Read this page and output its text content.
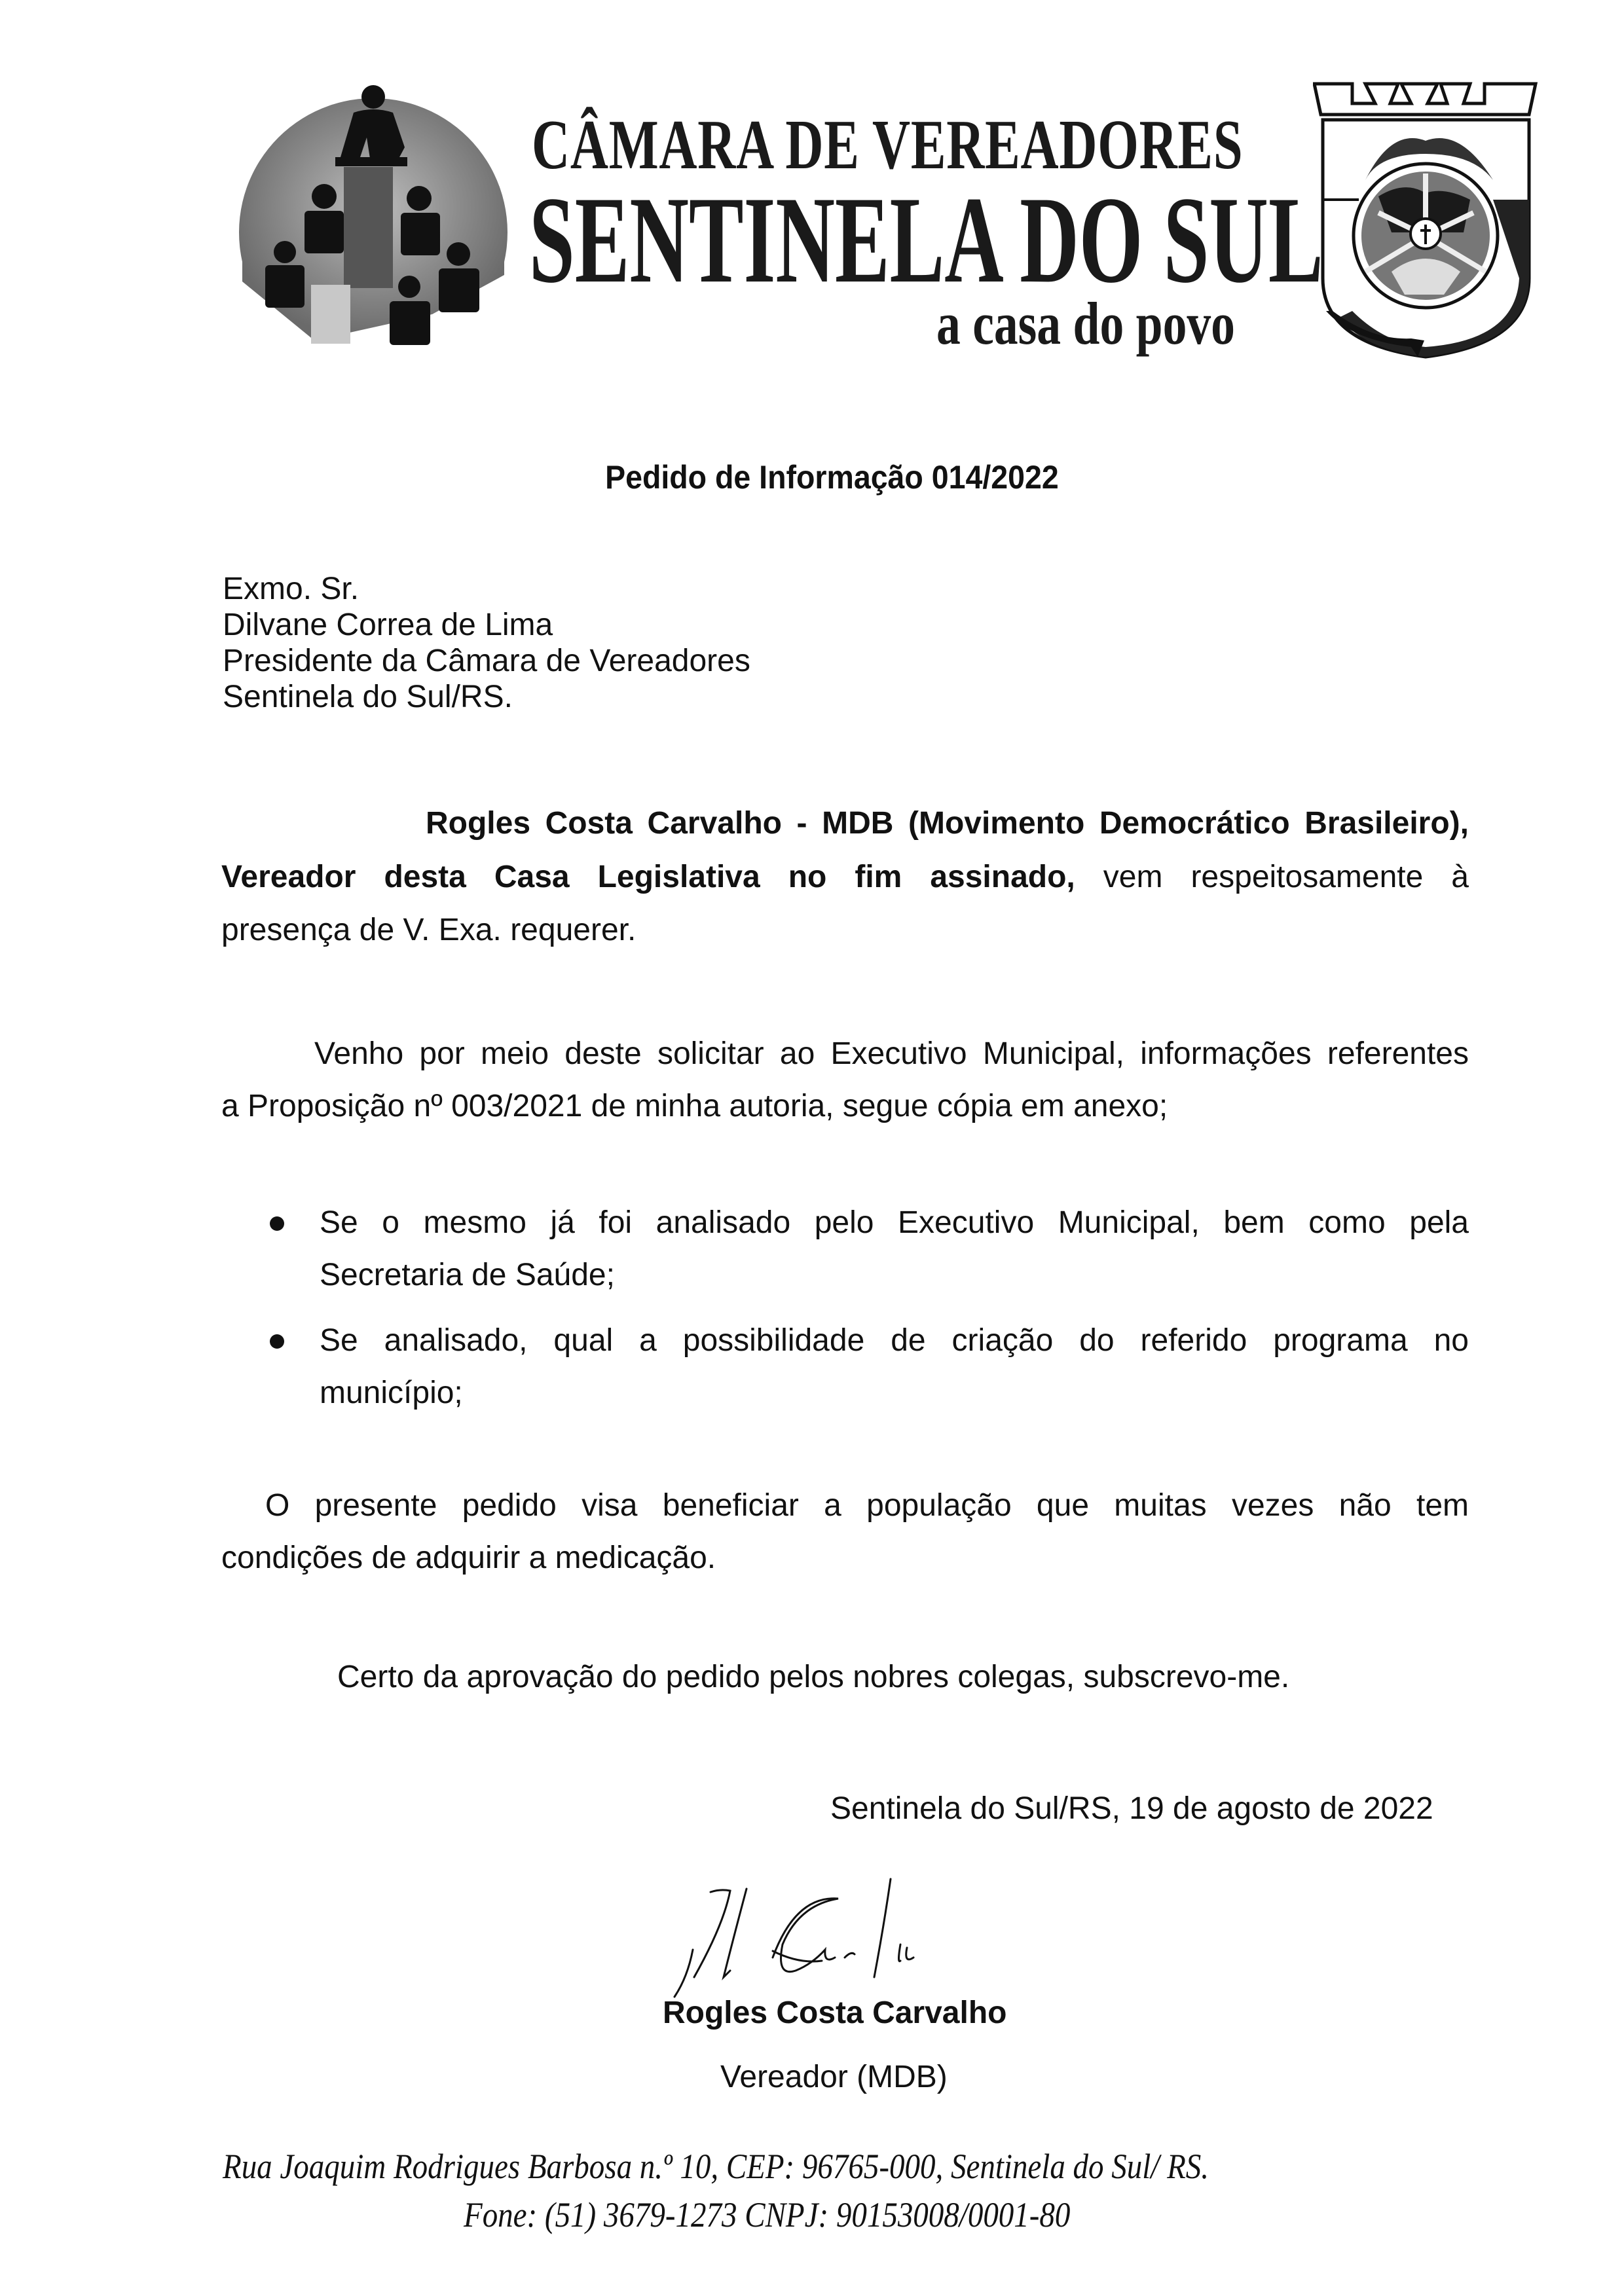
CÂMARA DE VEREADORES
SENTINELA DO SUL
a casa do povo
Pedido de Informação 014/2022
Exmo. Sr.
Dilvane Correa de Lima
Presidente da Câmara de Vereadores
Sentinela do Sul/RS.
Rogles Costa Carvalho - MDB (Movimento Democrático Brasileiro),
Vereador desta Casa Legislativa no fim assinado, vem respeitosamente à
presença de V. Exa. requerer.
Venho por meio deste solicitar ao Executivo Municipal, informações referentes
a Proposição nº 003/2021 de minha autoria, segue cópia em anexo;
Se o mesmo já foi analisado pelo Executivo Municipal, bem como pela
Secretaria de Saúde;
Se analisado, qual a possibilidade de criação do referido programa no
município;
O presente pedido visa beneficiar a população que muitas vezes não tem
condições de adquirir a medicação.
Certo da aprovação do pedido pelos nobres colegas, subscrevo-me.
Sentinela do Sul/RS, 19 de agosto de 2022
Rogles Costa Carvalho
Vereador (MDB)
Rua Joaquim Rodrigues Barbosa n.º 10, CEP: 96765-000, Sentinela do Sul/ RS.
Fone: (51) 3679-1273 CNPJ: 90153008/0001-80
